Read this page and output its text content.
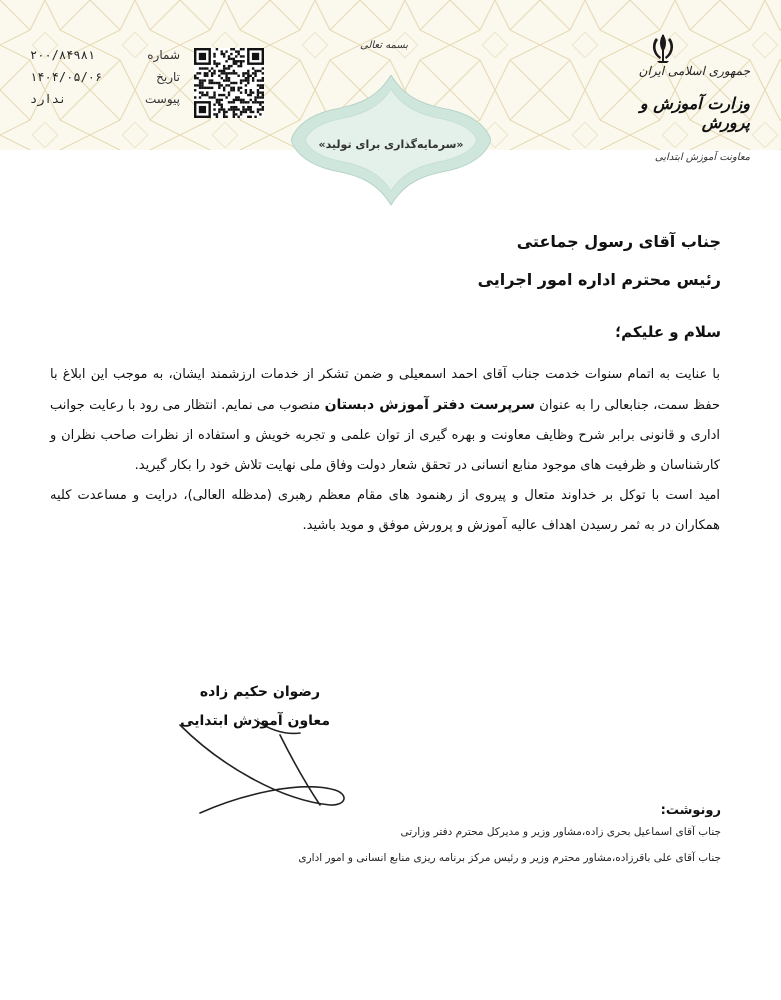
شماره
۲۰۰/۸۴۹۸۱
تاریخ
۱۴۰۴/۰۵/۰۶
پیوست
ندارد
بسمه تعالی
«سرمایه‌گذاری برای تولید»
جمهوری اسلامی ایران
وزارت آموزش و پرورش
معاونت آموزش ابتدایی
جناب آقای رسول جماعتی
رئیس محترم اداره امور اجرایی
سلام و علیکم؛

با عنایت به اتمام سنوات خدمت جناب آقای احمد اسمعیلی و ضمن تشکر از خدمات ارزشمند ایشان، به موجب این ابلاغ با حفظ سمت، جنابعالی را به عنوان سرپرست دفتر آموزش دبستان منصوب می نمایم. انتظار می رود با رعایت جوانب اداری و قانونی برابر شرح وظایف معاونت و بهره گیری از توان علمی و تجربه خویش و استفاده از نظرات صاحب نظران و کارشناسان و ظرفیت های موجود منابع انسانی در تحقق شعار دولت وفاق ملی نهایت تلاش خود را بکار گیرید.

امید است با توکل بر خداوند متعال و پیروی از رهنمود های مقام معظم رهبری (مدظله العالی)، درایت و مساعدت کلیه همکاران در به ثمر رسیدن اهداف عالیه آموزش و پرورش موفق و موید باشید.

رضوان حکیم زاده
معاون آموزش ابتدایی
رونوشت:
جناب آقای اسماعیل بحری زاده،مشاور وزیر و مدیرکل محترم دفتر وزارتی
جناب آقای علی باقرزاده،مشاور محترم وزیر و رئیس مرکز برنامه ریزی منابع انسانی و امور اداری
